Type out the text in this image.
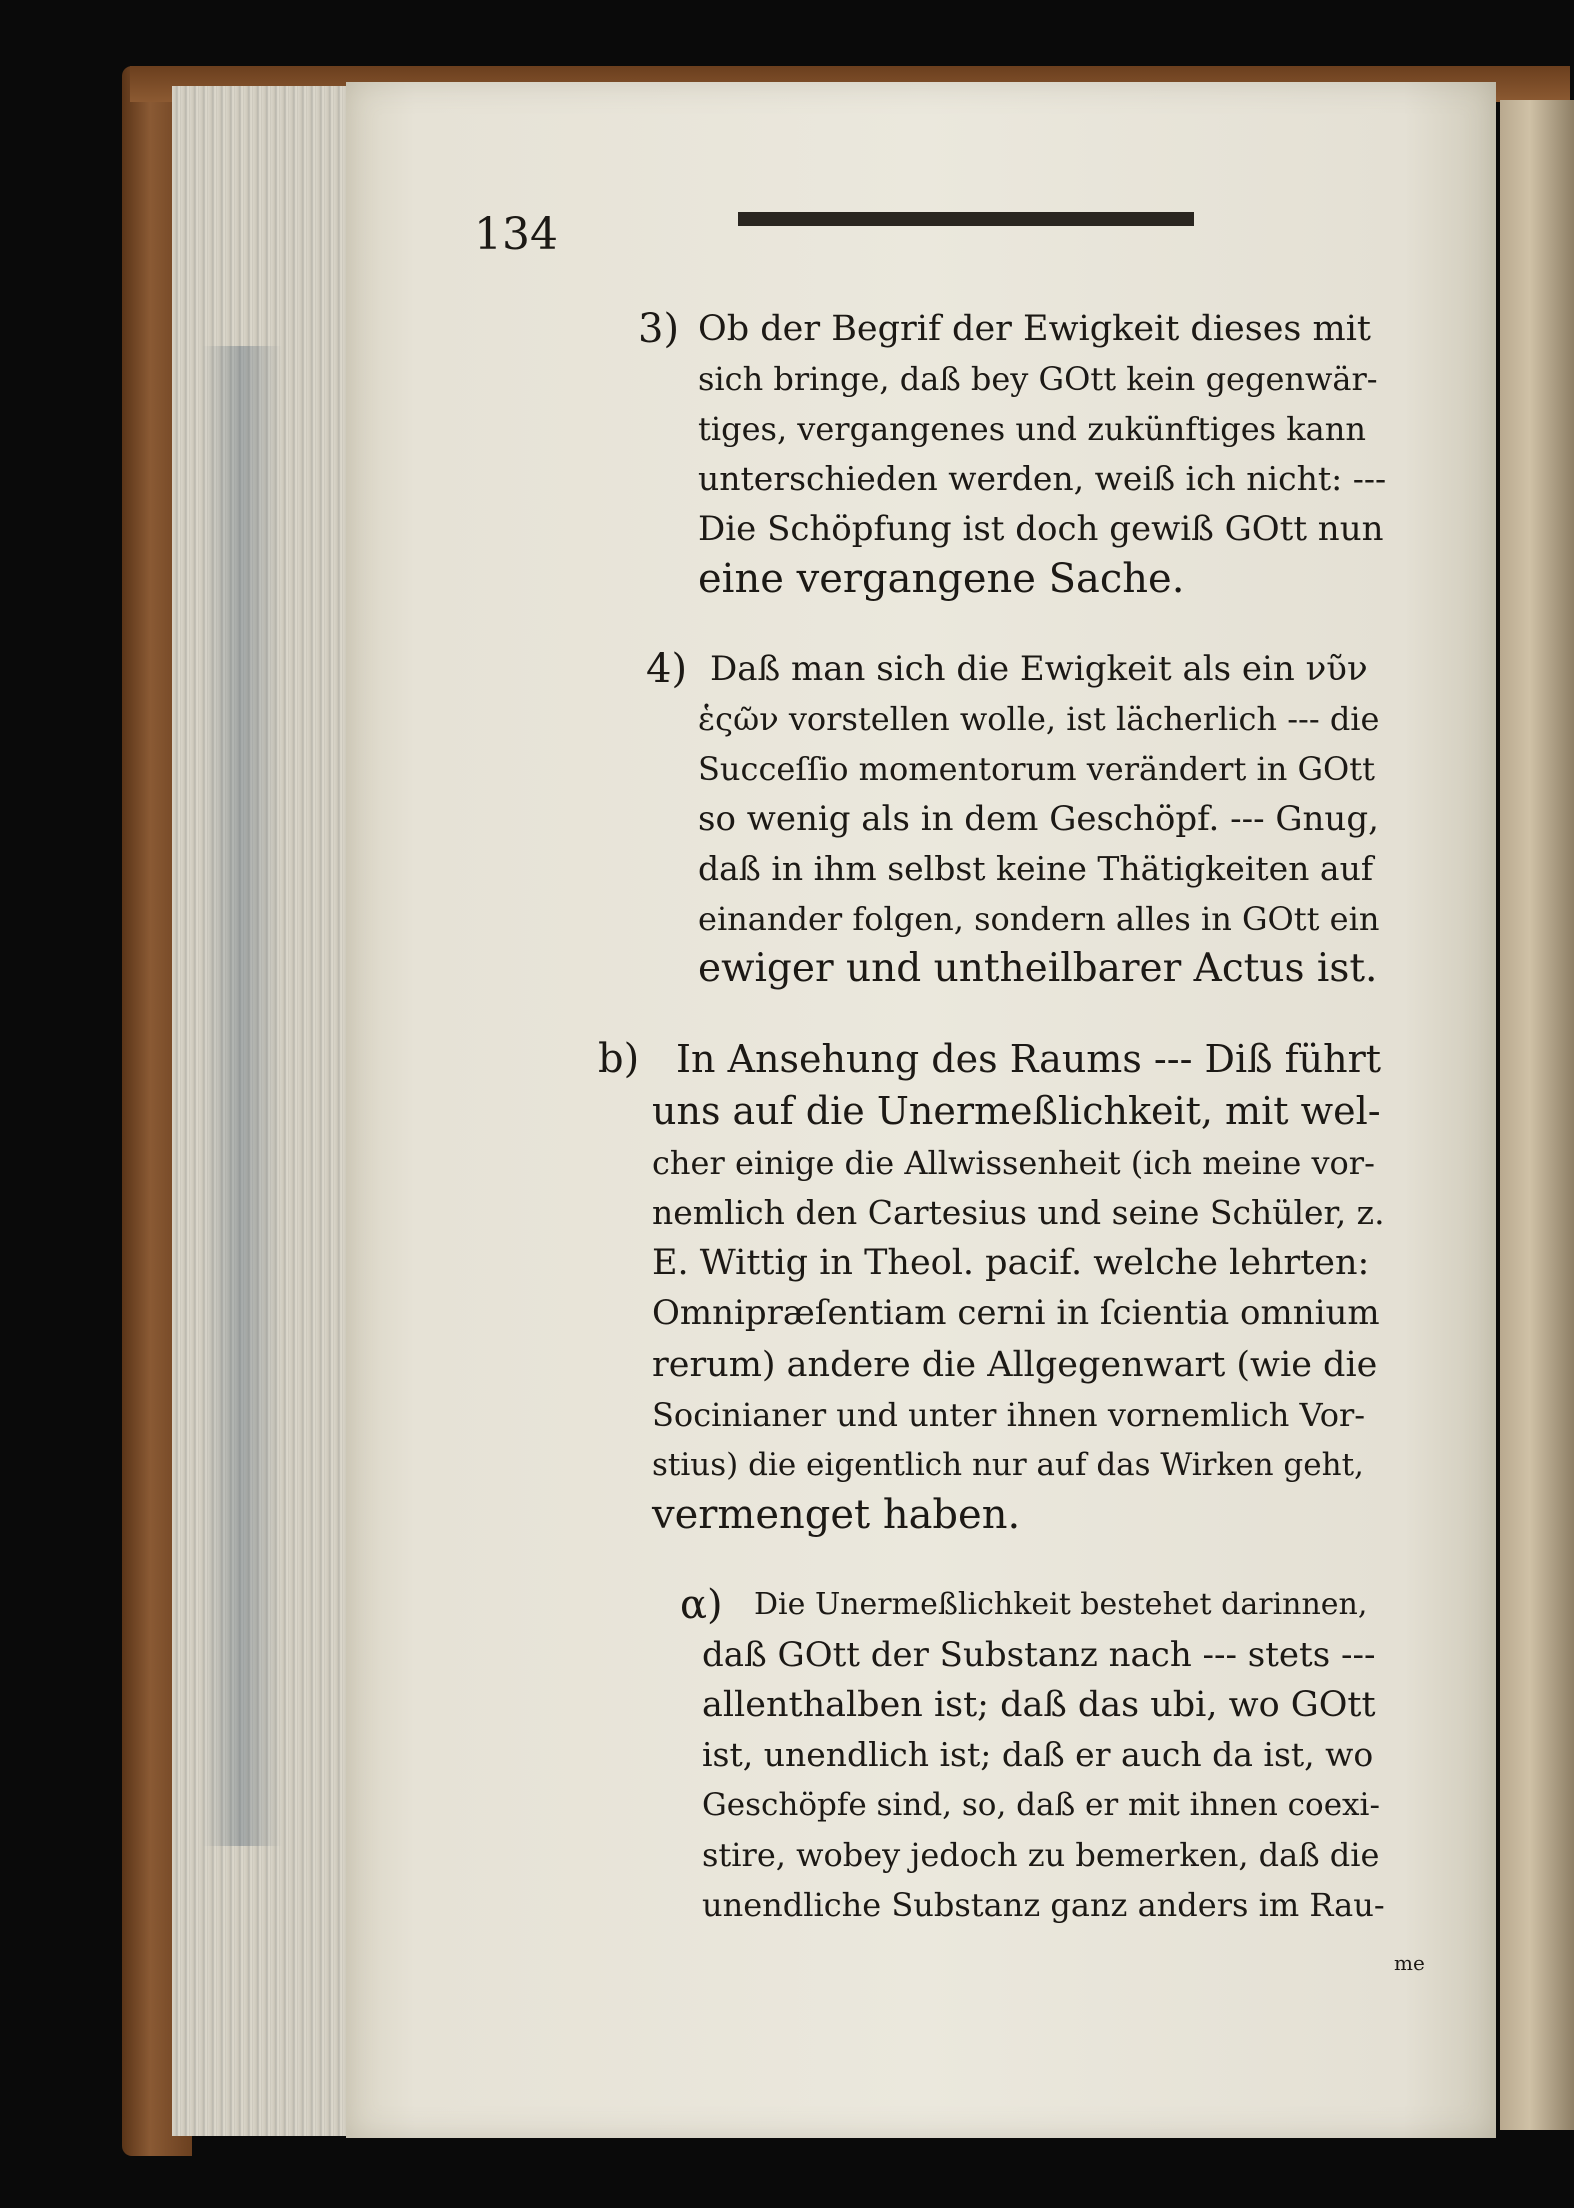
134
3) Ob der Begrif der Ewigkeit dieses mit
sich bringe, daß bey GOtt kein gegenwär-
tiges, vergangenes und zukünftiges kann
unterschieden werden, weiß ich nicht: ---
Die Schöpfung ist doch gewiß GOtt nun
eine vergangene Sache.
4) Daß man sich die Ewigkeit als ein νῦν
ἑςῶν vorstellen wolle, ist lächerlich --- die
Succeſſio momentorum verändert in GOtt
so wenig als in dem Geschöpf. --- Gnug,
daß in ihm selbst keine Thätigkeiten auf
einander folgen, sondern alles in GOtt ein
ewiger und untheilbarer Actus ist.
b) In Ansehung des Raums --- Diß führt
uns auf die Unermeßlichkeit, mit wel-
cher einige die Allwissenheit (ich meine vor-
nemlich den Cartesius und seine Schüler, z.
E. Wittig in Theol. pacif. welche lehrten:
Omnipræſentiam cerni in ſcientia omnium
rerum) andere die Allgegenwart (wie die
Socinianer und unter ihnen vornemlich Vor-
stius) die eigentlich nur auf das Wirken geht,
vermenget haben.
α) Die Unermeßlichkeit bestehet darinnen,
daß GOtt der Substanz nach --- stets ---
allenthalben ist; daß das ubi, wo GOtt
ist, unendlich ist; daß er auch da ist, wo
Geschöpfe sind, so, daß er mit ihnen coexi-
stire, wobey jedoch zu bemerken, daß die
unendliche Substanz ganz anders im Rau-
me
